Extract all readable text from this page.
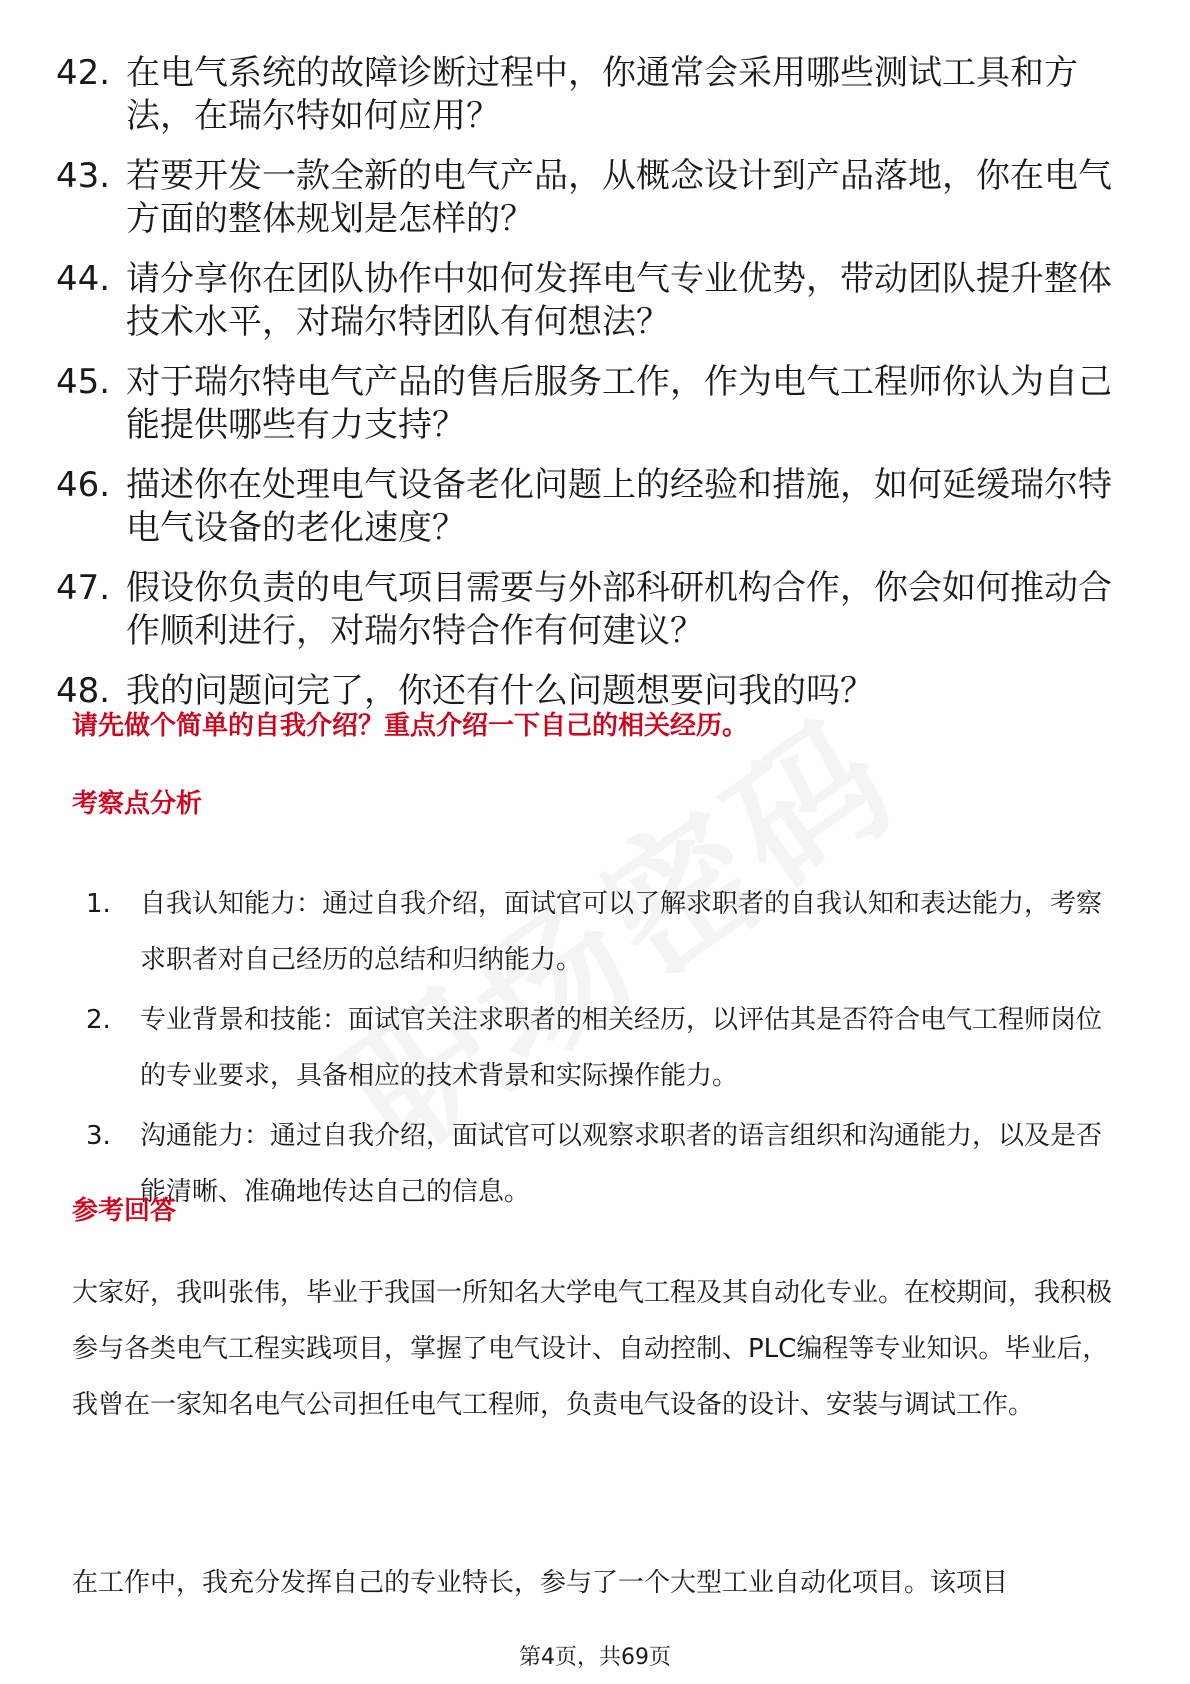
42. 在电气系统的故障诊断过程中，你通常会采用哪些测试工具和方法，在瑞尔特如何应用？
43. 若要开发一款全新的电气产品，从概念设计到产品落地，你在电气方面的整体规划是怎样的？
44. 请分享你在团队协作中如何发挥电气专业优势，带动团队提升整体技术水平，对瑞尔特团队有何想法？
45. 对于瑞尔特电气产品的售后服务工作，作为电气工程师你认为自己能提供哪些有力支持？
46. 描述你在处理电气设备老化问题上的经验和措施，如何延缓瑞尔特电气设备的老化速度？
47. 假设你负责的电气项目需要与外部科研机构合作，你会如何推动合作顺利进行，对瑞尔特合作有何建议？
48. 我的问题问完了，你还有什么问题想要问我的吗？
请先做个简单的自我介绍？重点介绍一下自己的相关经历。
考察点分析
1.	自我认知能力：通过自我介绍，面试官可以了解求职者的自我认知和表达能力，考察求职者对自己经历的总结和归纳能力。
2.	专业背景和技能：面试官关注求职者的相关经历，以评估其是否符合电气工程师岗位的专业要求，具备相应的技术背景和实际操作能力。
3.	沟通能力：通过自我介绍，面试官可以观察求职者的语言组织和沟通能力，以及是否能清晰、准确地传达自己的信息。
参考回答
大家好，我叫张伟，毕业于我国一所知名大学电气工程及其自动化专业。在校期间，我积极参与各类电气工程实践项目，掌握了电气设计、自动控制、PLC编程等专业知识。毕业后，我曾在一家知名电气公司担任电气工程师，负责电气设备的设计、安装与调试工作。
在工作中，我充分发挥自己的专业特长，参与了一个大型工业自动化项目。该项目
第4页，共69页
